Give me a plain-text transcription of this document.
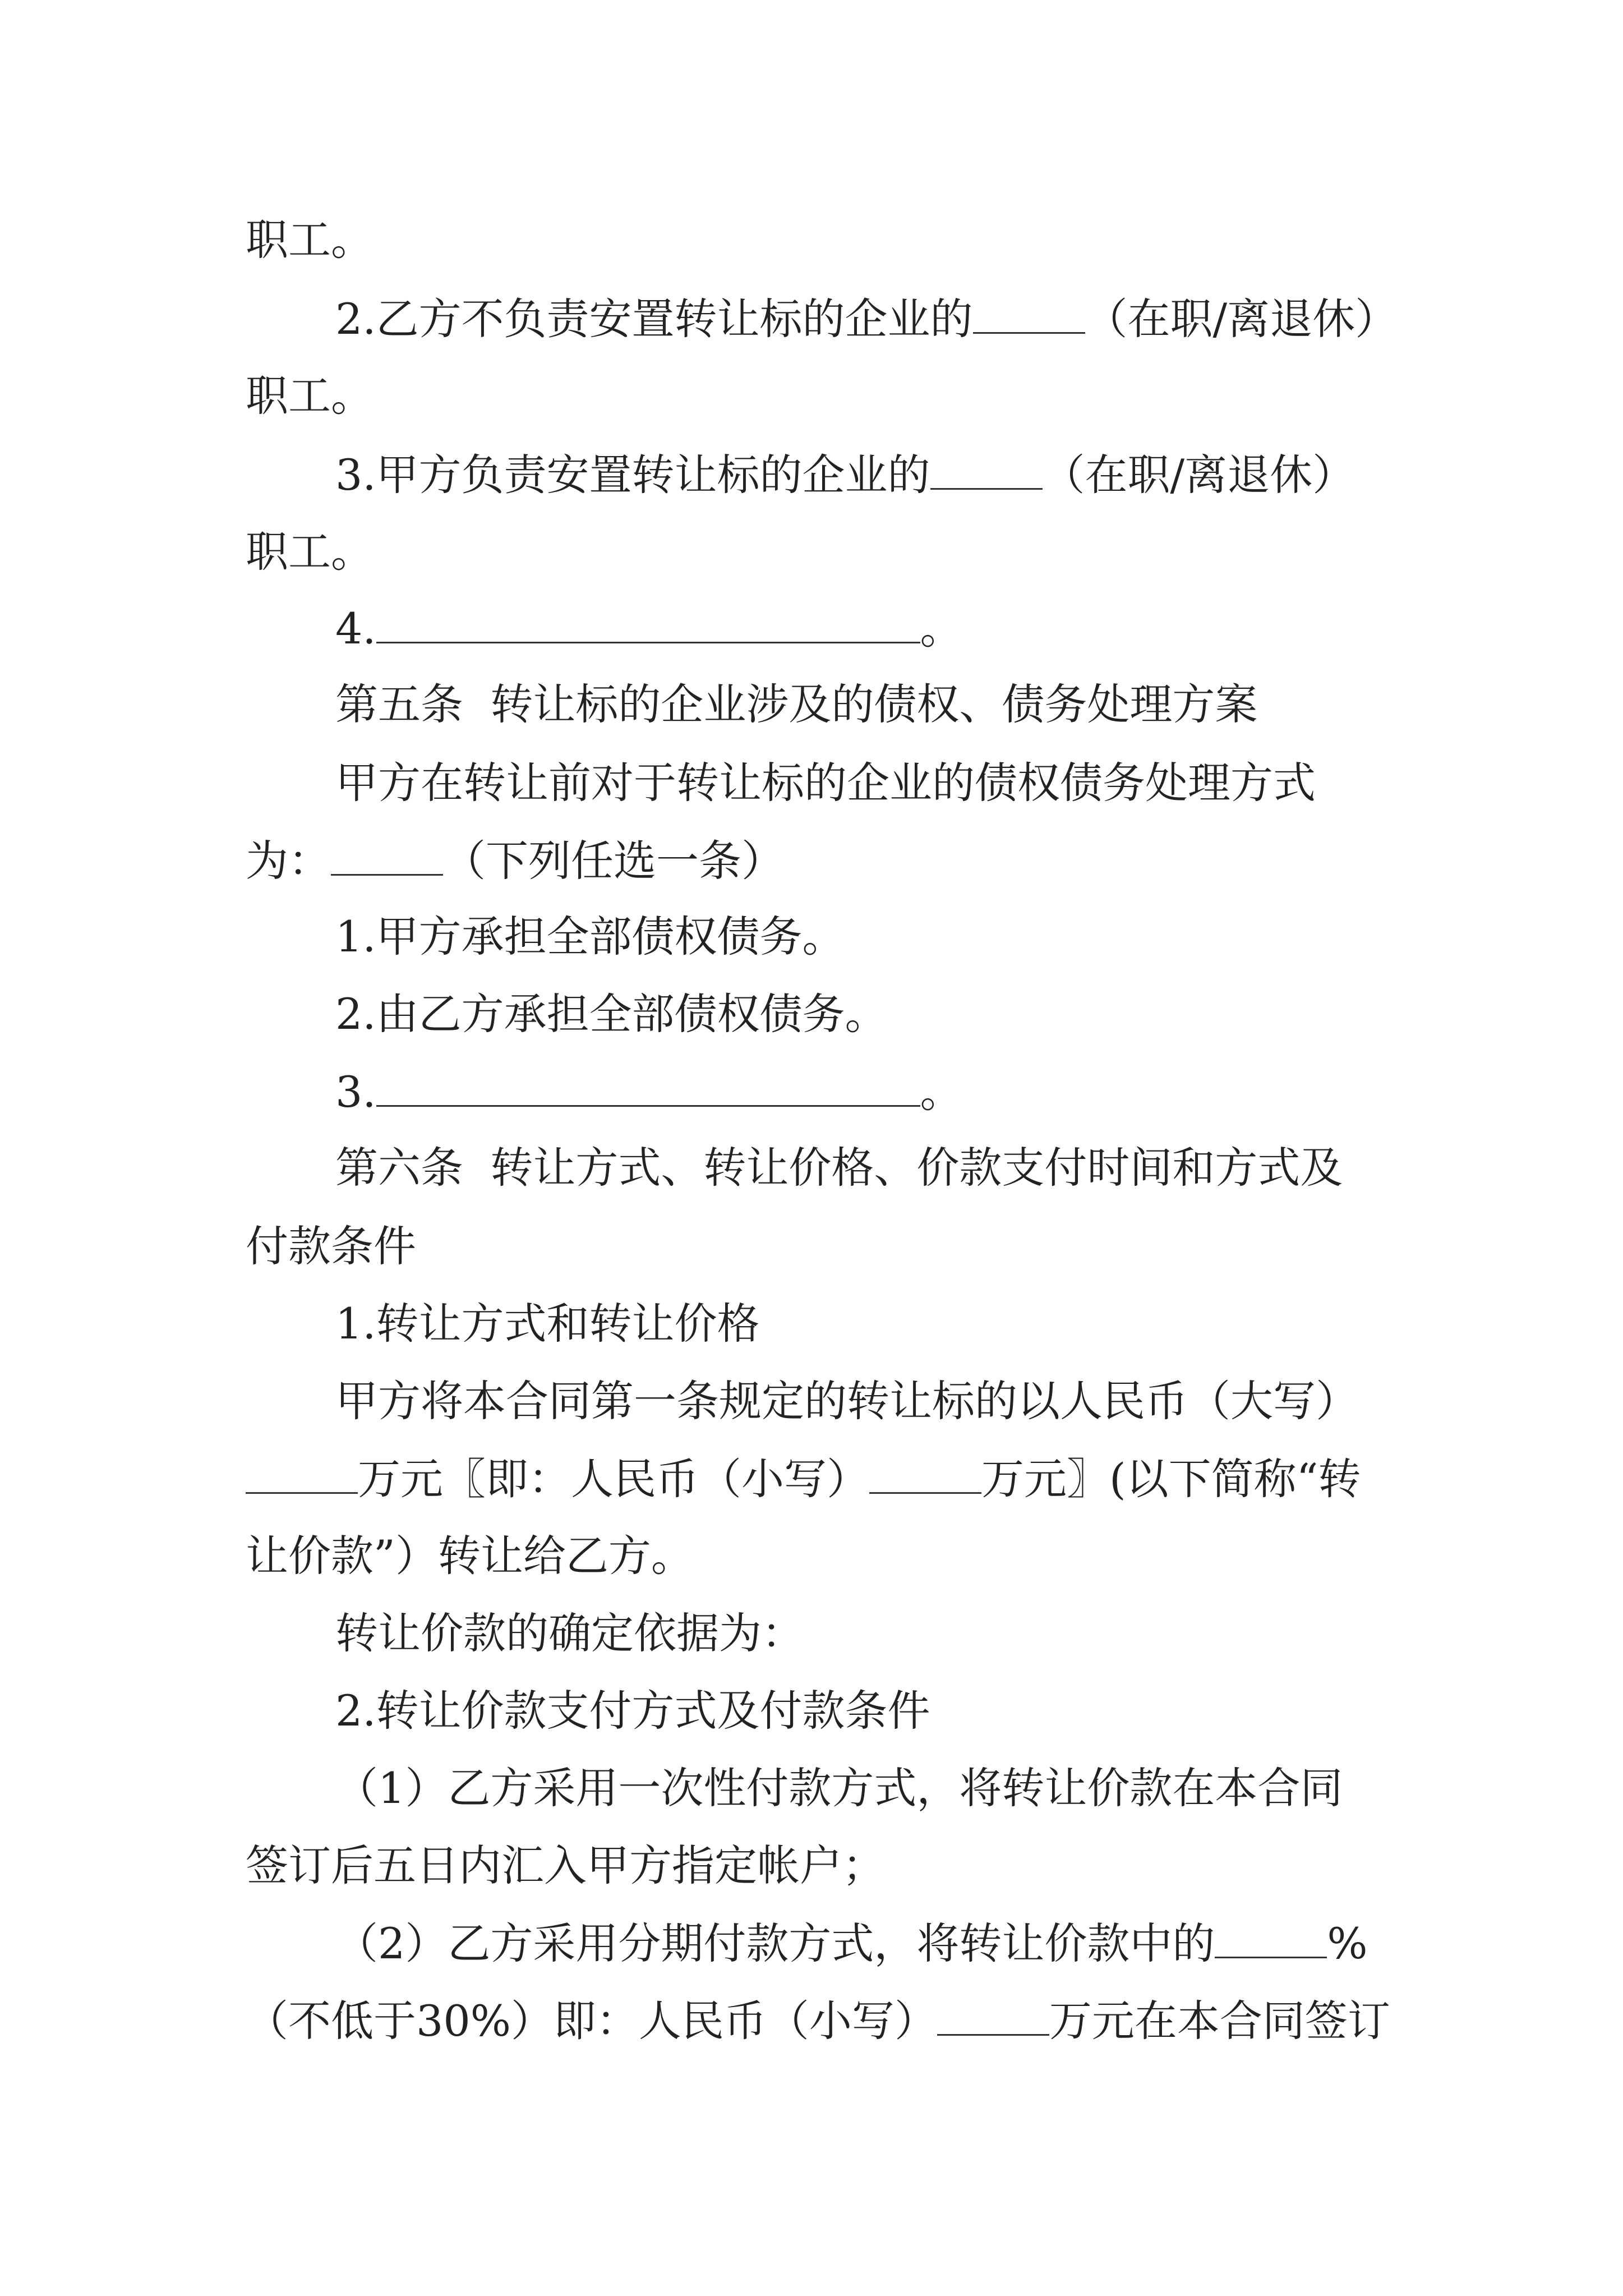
职工。
2.乙方不负责安置转让标的企业的	（在职/离退休）
职工。
3.甲方负责安置转让标的企业的	（在职/离退休）
职工。
4.	。
第五条  转让标的企业涉及的债权、债务处理方案
甲方在转让前对于转让标的企业的债权债务处理方式
为：	（下列任选一条）
1.甲方承担全部债权债务。
2.由乙方承担全部债权债务。
3.	。
第六条  转让方式、转让价格、价款支付时间和方式及
付款条件
1.转让方式和转让价格
甲方将本合同第一条规定的转让标的以人民币（大写）
万元〖即：人民币（小写）	万元〗(以下简称“转
让价款”）转让给乙方。
转让价款的确定依据为：
2.转让价款支付方式及付款条件
（1）乙方采用一次性付款方式，将转让价款在本合同
签订后五日内汇入甲方指定帐户；
（2）乙方采用分期付款方式，将转让价款中的	%
（不低于30%）即：人民币（小写）	万元在本合同签订
